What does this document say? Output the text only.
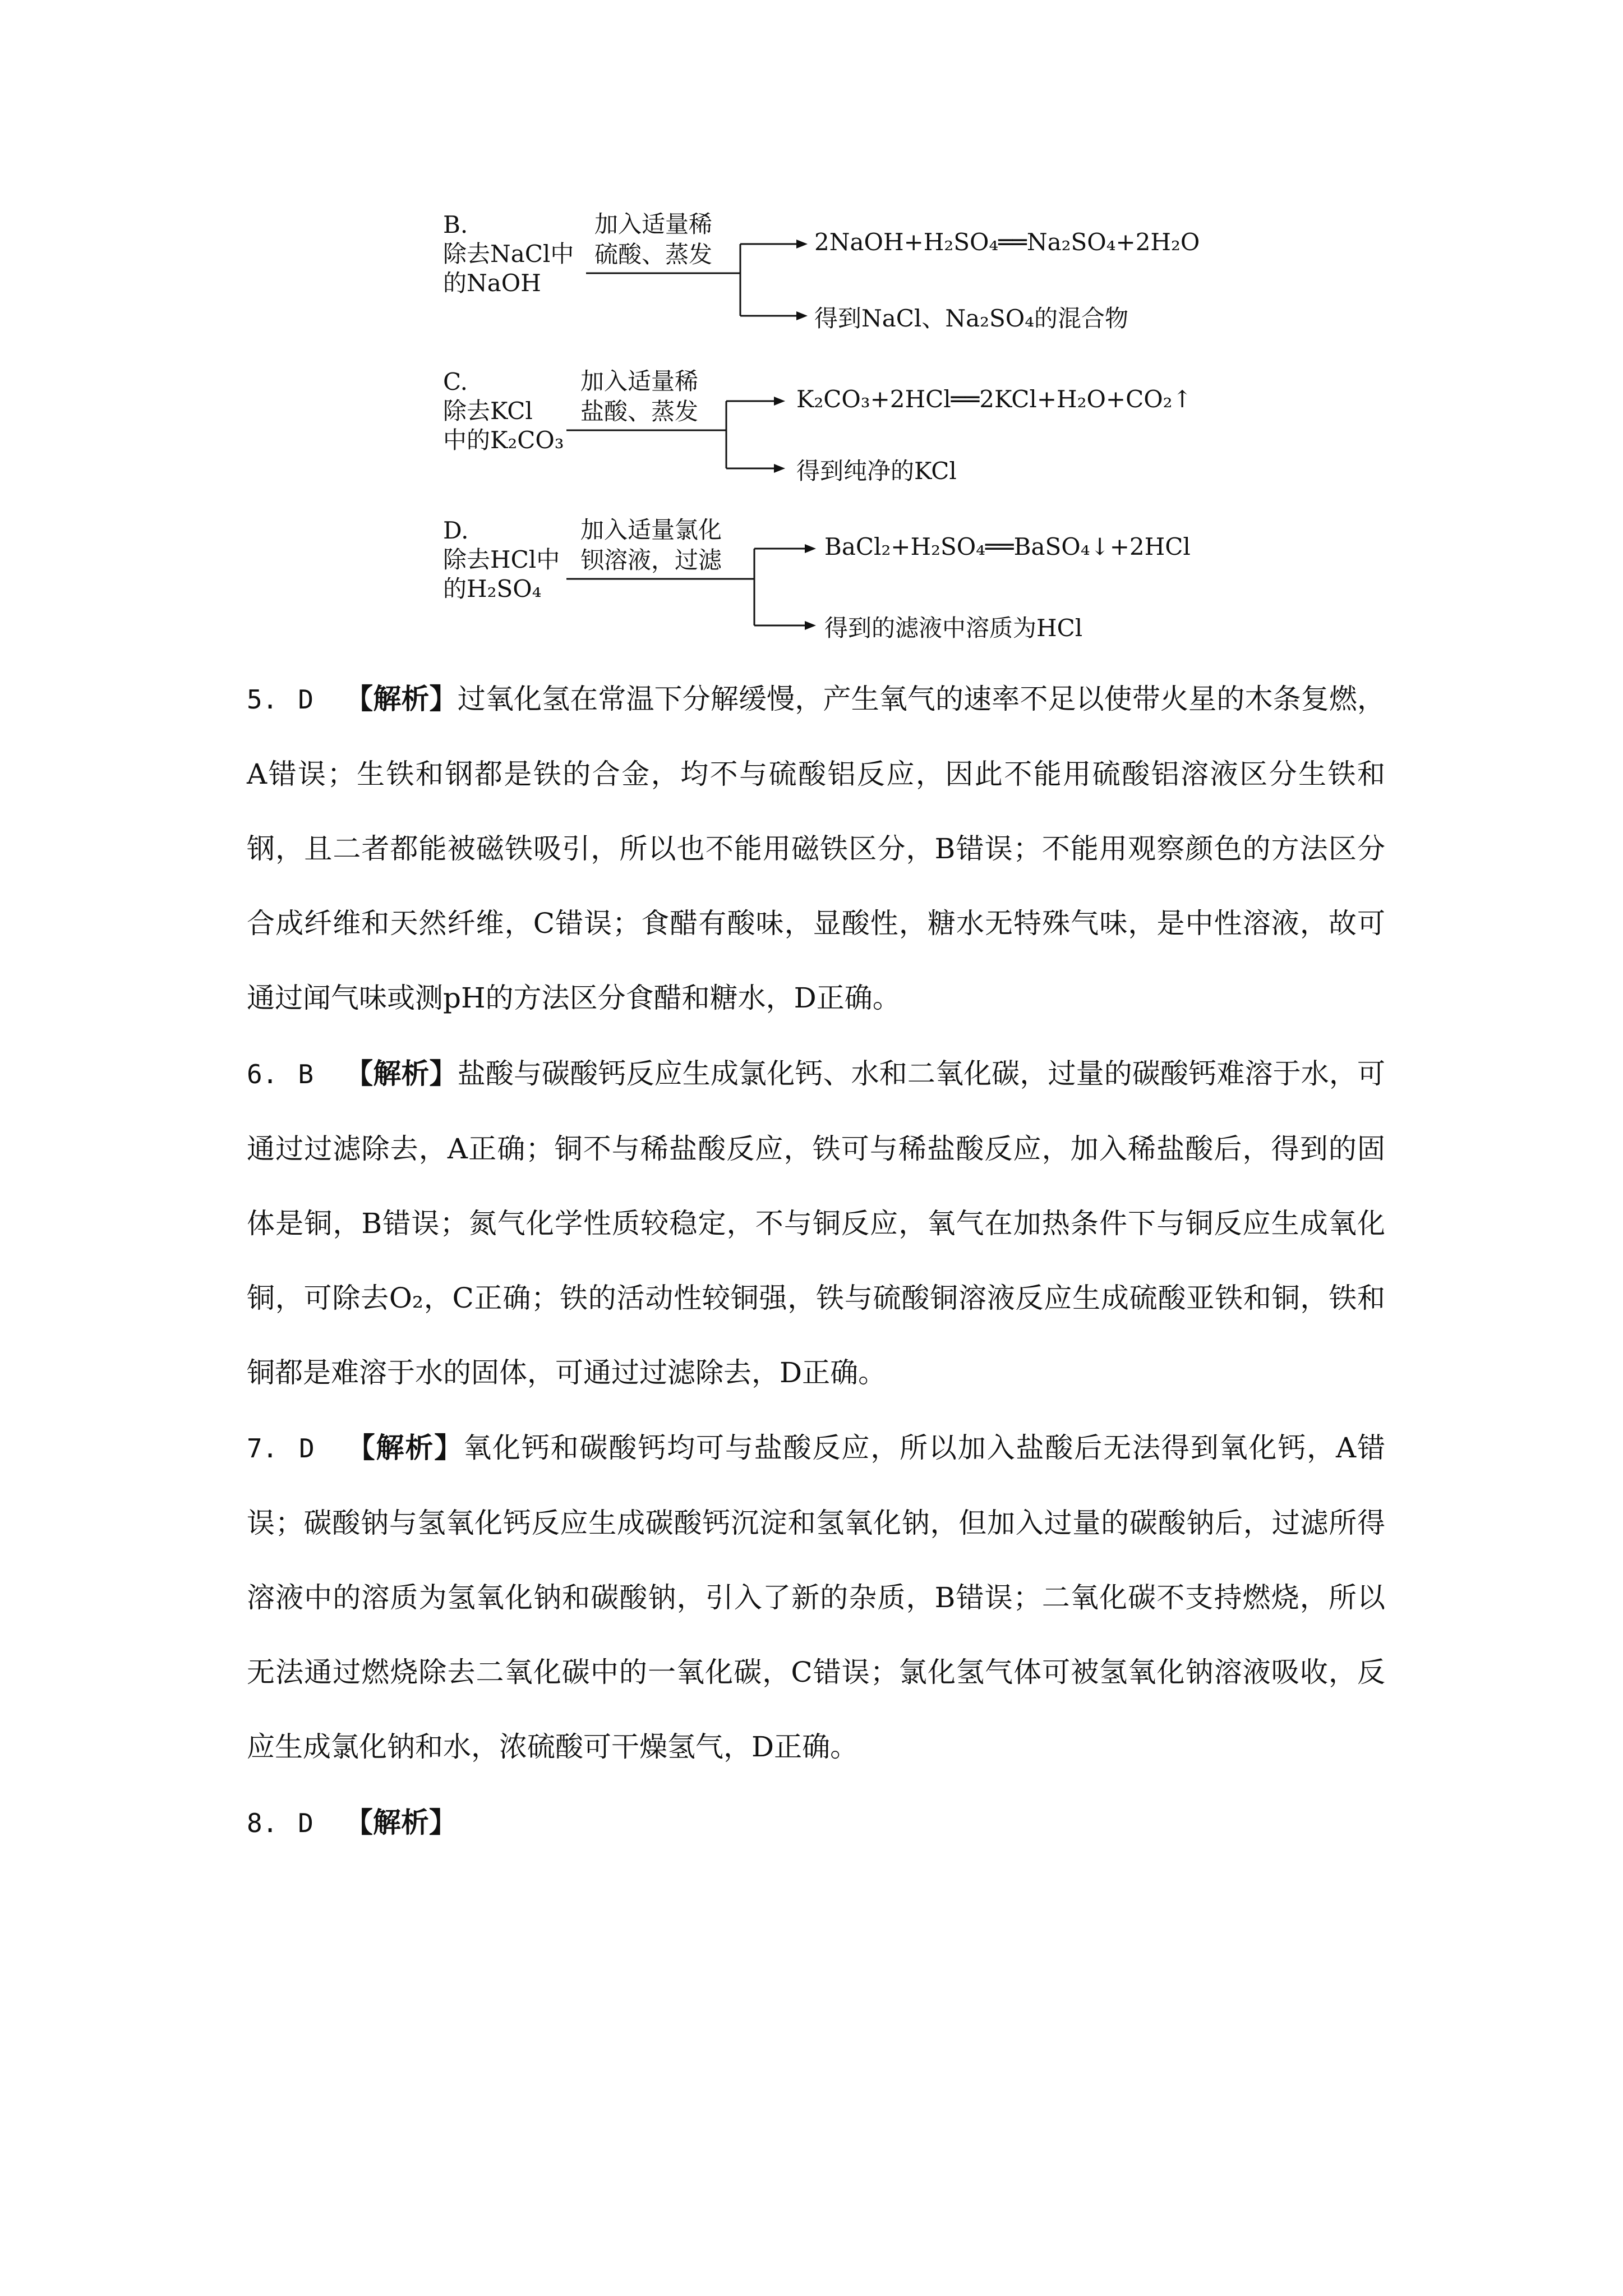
B.
除去NaCl中
的NaOH
加入适量稀
硫酸、蒸发	2NaOH+H₂SO₄══Na₂SO₄+2H₂O
得到NaCl、Na₂SO₄的混合物
C.
除去KCl
中的K₂CO₃
加入适量稀
盐酸、蒸发	K₂CO₃+2HCl══2KCl+H₂O+CO₂↑
得到纯净的KCl
D.
除去HCl中
的H₂SO₄
加入适量氯化
钡溶液，过滤	BaCl₂+H₂SO₄══BaSO₄↓+2HCl
得到的滤液中溶质为HCl
5. D 【解析】过氧化氢在常温下分解缓慢，产生氧气的速率不足以使带火星的木条复燃，A错误；生铁和钢都是铁的合金，均不与硫酸铝反应，因此不能用硫酸铝溶液区分生铁和钢，且二者都能被磁铁吸引，所以也不能用磁铁区分，B错误；不能用观察颜色的方法区分合成纤维和天然纤维，C错误；食醋有酸味，显酸性，糖水无特殊气味，是中性溶液，故可通过闻气味或测pH的方法区分食醋和糖水，D正确。
6. B 【解析】盐酸与碳酸钙反应生成氯化钙、水和二氧化碳，过量的碳酸钙难溶于水，可通过过滤除去，A正确；铜不与稀盐酸反应，铁可与稀盐酸反应，加入稀盐酸后，得到的固体是铜，B错误；氮气化学性质较稳定，不与铜反应，氧气在加热条件下与铜反应生成氧化铜，可除去O₂，C正确；铁的活动性较铜强，铁与硫酸铜溶液反应生成硫酸亚铁和铜，铁和铜都是难溶于水的固体，可通过过滤除去，D正确。
7. D 【解析】氧化钙和碳酸钙均可与盐酸反应，所以加入盐酸后无法得到氧化钙，A错误；碳酸钠与氢氧化钙反应生成碳酸钙沉淀和氢氧化钠，但加入过量的碳酸钠后，过滤所得溶液中的溶质为氢氧化钠和碳酸钠，引入了新的杂质，B错误；二氧化碳不支持燃烧，所以无法通过燃烧除去二氧化碳中的一氧化碳，C错误；氯化氢气体可被氢氧化钠溶液吸收，反应生成氯化钠和水，浓硫酸可干燥氢气，D正确。
8. D 【解析】
